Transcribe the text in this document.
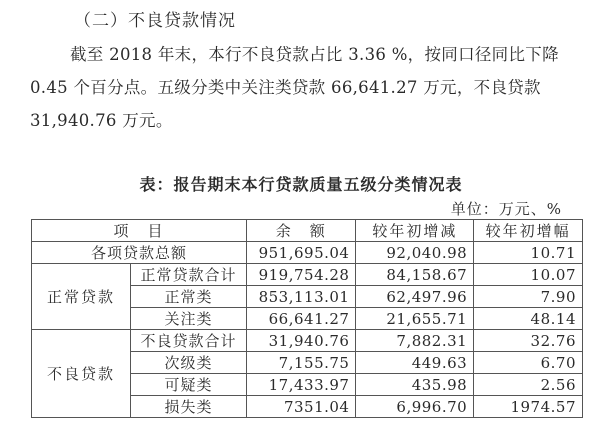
（二）不良贷款情况
截至 2018 年末，本行不良贷款占比 3.36 %，按同口径同比下降
0.45 个百分点。五级分类中关注类贷款 66,641.27 万元，不良贷款
31,940.76 万元。
表：报告期末本行贷款质量五级分类情况表
单位：万元、%
项　目		余　额	较年初增减	较年初增幅
各项贷款总额		951,695.04	92,040.98	10.71
正常贷款	正常贷款合计	919,754.28	84,158.67	10.07
	正常类	853,113.01	62,497.96	7.90
	关注类	66,641.27	21,655.71	48.14
不良贷款	不良贷款合计	31,940.76	7,882.31	32.76
	次级类	7,155.75	449.63	6.70
	可疑类	17,433.97	435.98	2.56
	损失类	7351.04	6,996.70	1974.57
